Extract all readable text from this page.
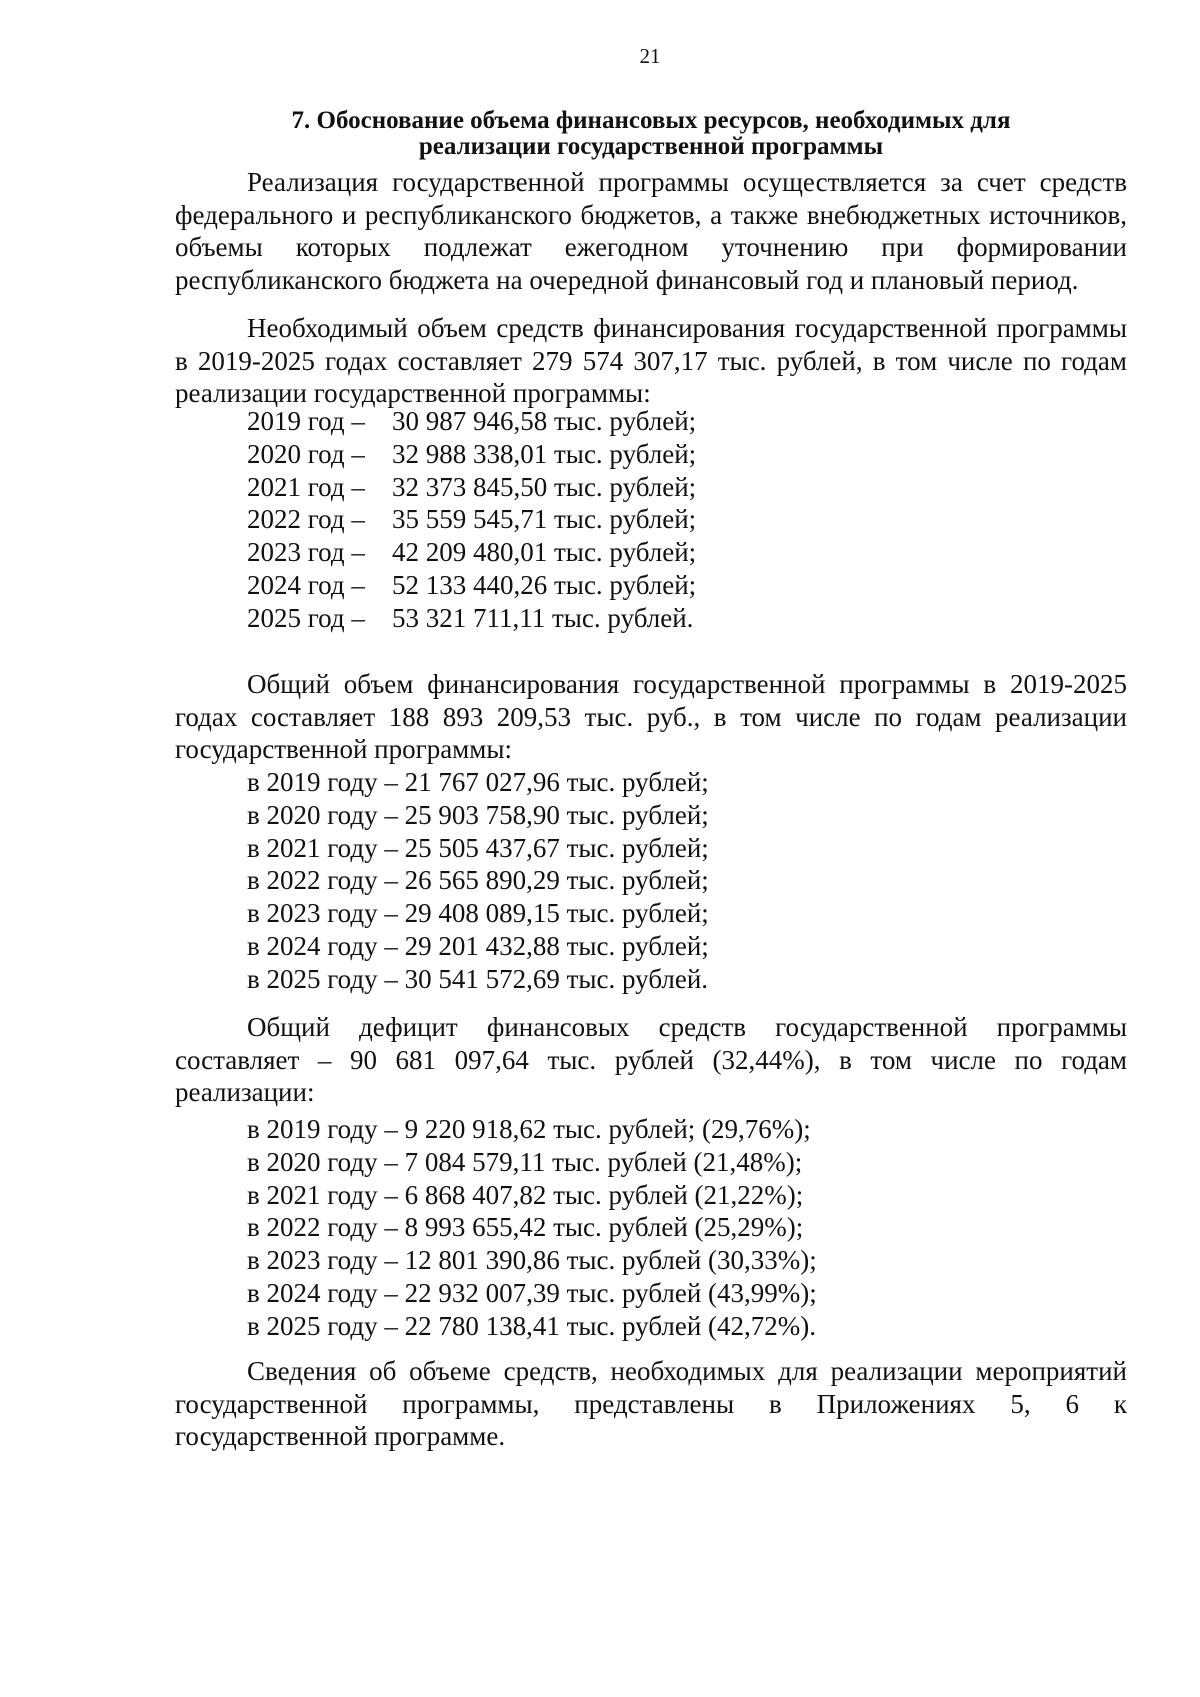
21
7. Обоснование объема финансовых ресурсов, необходимых для
реализации государственной программы

Реализация государственной программы осуществляется за счет средств федерального и республиканского бюджетов, а также внебюджетных источников, объемы которых подлежат ежегодном уточнению при формировании республиканского бюджета на очередной финансовый год и плановый период.

Необходимый объем средств финансирования государственной программы в 2019-2025 годах составляет 279 574 307,17 тыс. рублей, в том числе по годам реализации государственной программы:

2019 год – 30 987 946,58 тыс. рублей;
2020 год – 32 988 338,01 тыс. рублей;
2021 год – 32 373 845,50 тыс. рублей;
2022 год – 35 559 545,71 тыс. рублей;
2023 год – 42 209 480,01 тыс. рублей;
2024 год – 52 133 440,26 тыс. рублей;
2025 год – 53 321 711,11 тыс. рублей.

Общий объем финансирования государственной программы в 2019-2025 годах составляет 188 893 209,53 тыс. руб., в том числе по годам реализации государственной программы:

в 2019 году – 21 767 027,96 тыс. рублей;
в 2020 году – 25 903 758,90 тыс. рублей;
в 2021 году – 25 505 437,67 тыс. рублей;
в 2022 году – 26 565 890,29 тыс. рублей;
в 2023 году – 29 408 089,15 тыс. рублей;
в 2024 году – 29 201 432,88 тыс. рублей;
в 2025 году – 30 541 572,69 тыс. рублей.

Общий дефицит финансовых средств государственной программы составляет – 90 681 097,64 тыс. рублей (32,44%), в том числе по годам реализации:

в 2019 году – 9 220 918,62 тыс. рублей; (29,76%);
в 2020 году – 7 084 579,11 тыс. рублей (21,48%);
в 2021 году – 6 868 407,82 тыс. рублей (21,22%);
в 2022 году – 8 993 655,42 тыс. рублей (25,29%);
в 2023 году – 12 801 390,86 тыс. рублей (30,33%);
в 2024 году – 22 932 007,39 тыс. рублей (43,99%);
в 2025 году – 22 780 138,41 тыс. рублей (42,72%).

Сведения об объеме средств, необходимых для реализации мероприятий государственной программы, представлены в Приложениях 5, 6 к государственной программе.
